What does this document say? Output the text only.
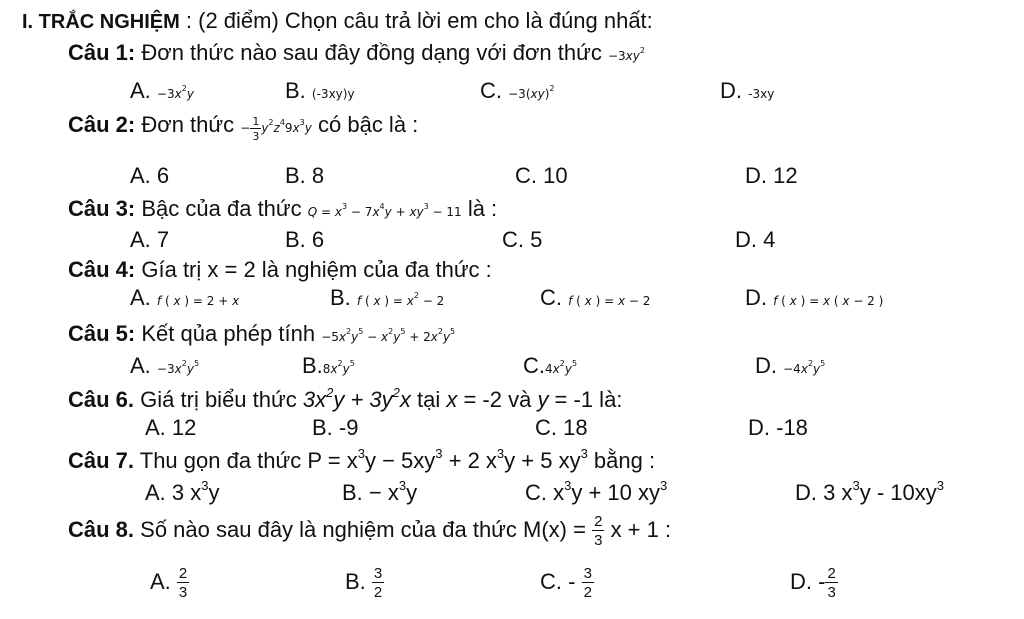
I. TRẮC NGHIỆM : (2 điểm) Chọn câu trả lời em cho là đúng nhất:
Câu 1: Đơn thức nào sau đây đồng dạng với đơn thức $-3xy^2$
A. $-3x^2y$	B. (-3xy)y	C. −3(xy)$^2$	D. -3xy
Câu 2: Đơn thức − $\frac{1}{3} y^2z^49x^3y$ có bậc là :
A. 6	B. 8	C. 10	D. 12
Câu 3: Bậc của đa thức $Q = x^3 - 7x^4y + xy^3 - 11$ là :
A. 7	B. 6	C. 5	D. 4
Câu 4: Gía trị x = 2 là nghiệm của đa thức :
A. f ( x ) = 2 + x	B. f ( x ) = $x^2 - 2$	C. f ( x ) = x − 2	D. f ( x ) = x ( x − 2 )
Câu 5: Kết qủa phép tính $-5x^2y^5 - x^2y^5 + 2x^2y^5$
A. $-3x^2y^5$	$B.8x^2y^5$	$C.4x^2y^5$	D. $-4x^2y^5$
Câu 6. Giá trị biểu thức $3x^2y + 3y^2x$ tại x = -2 và y = -1 là:
A. 12	B. -9	C. 18	D. -18
Câu 7. Thu gọn đa thức $P = x^3y - 5xy^3 + 2$ $x^3y + 5$ $xy^3$ bằng :
A. 3 $x^3y$	B. − $x^3y$	C. $x^3y + 10$ $xy^3$	D. 3 $x^3y - 10xy^3$
Câu 8. Số nào sau đây là nghiệm của đa thức $M(x) = \frac{2}{3}$ x + 1 :
A. $\frac{2}{3}$	B. $\frac{3}{2}$	C. - $\frac{3}{2}$	D. - $\frac{2}{3}$
